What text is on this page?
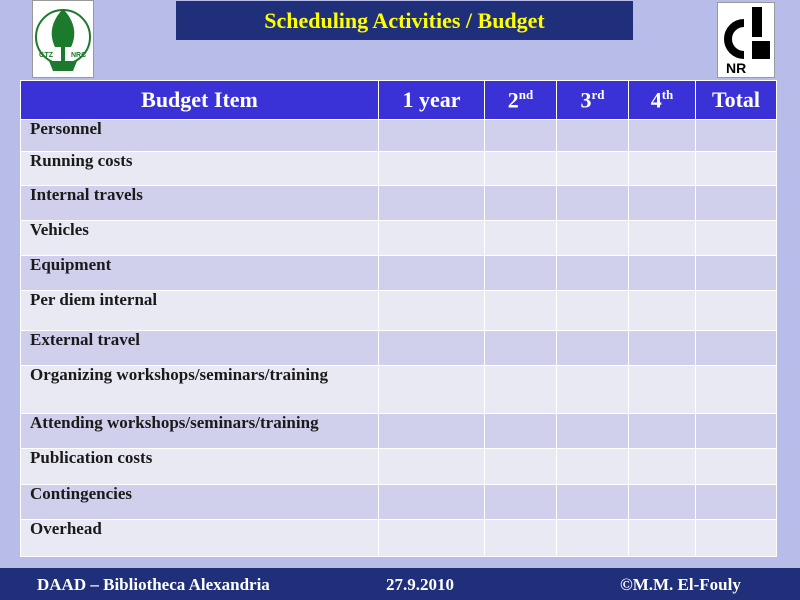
Scheduling Activities / Budget
GTZ	NRC
NR
Budget Item	1 year	2nd	3rd	4th	Total
Personnel					
Running costs					
Internal travels					
Vehicles					
Equipment					
Per diem internal					
External travel					
Organizing workshops/seminars/training					
Attending workshops/seminars/training					
Publication costs					
Contingencies					
Overhead					
DAAD – Bibliotheca Alexandria	27.9.2010	©M.M. El-Fouly
